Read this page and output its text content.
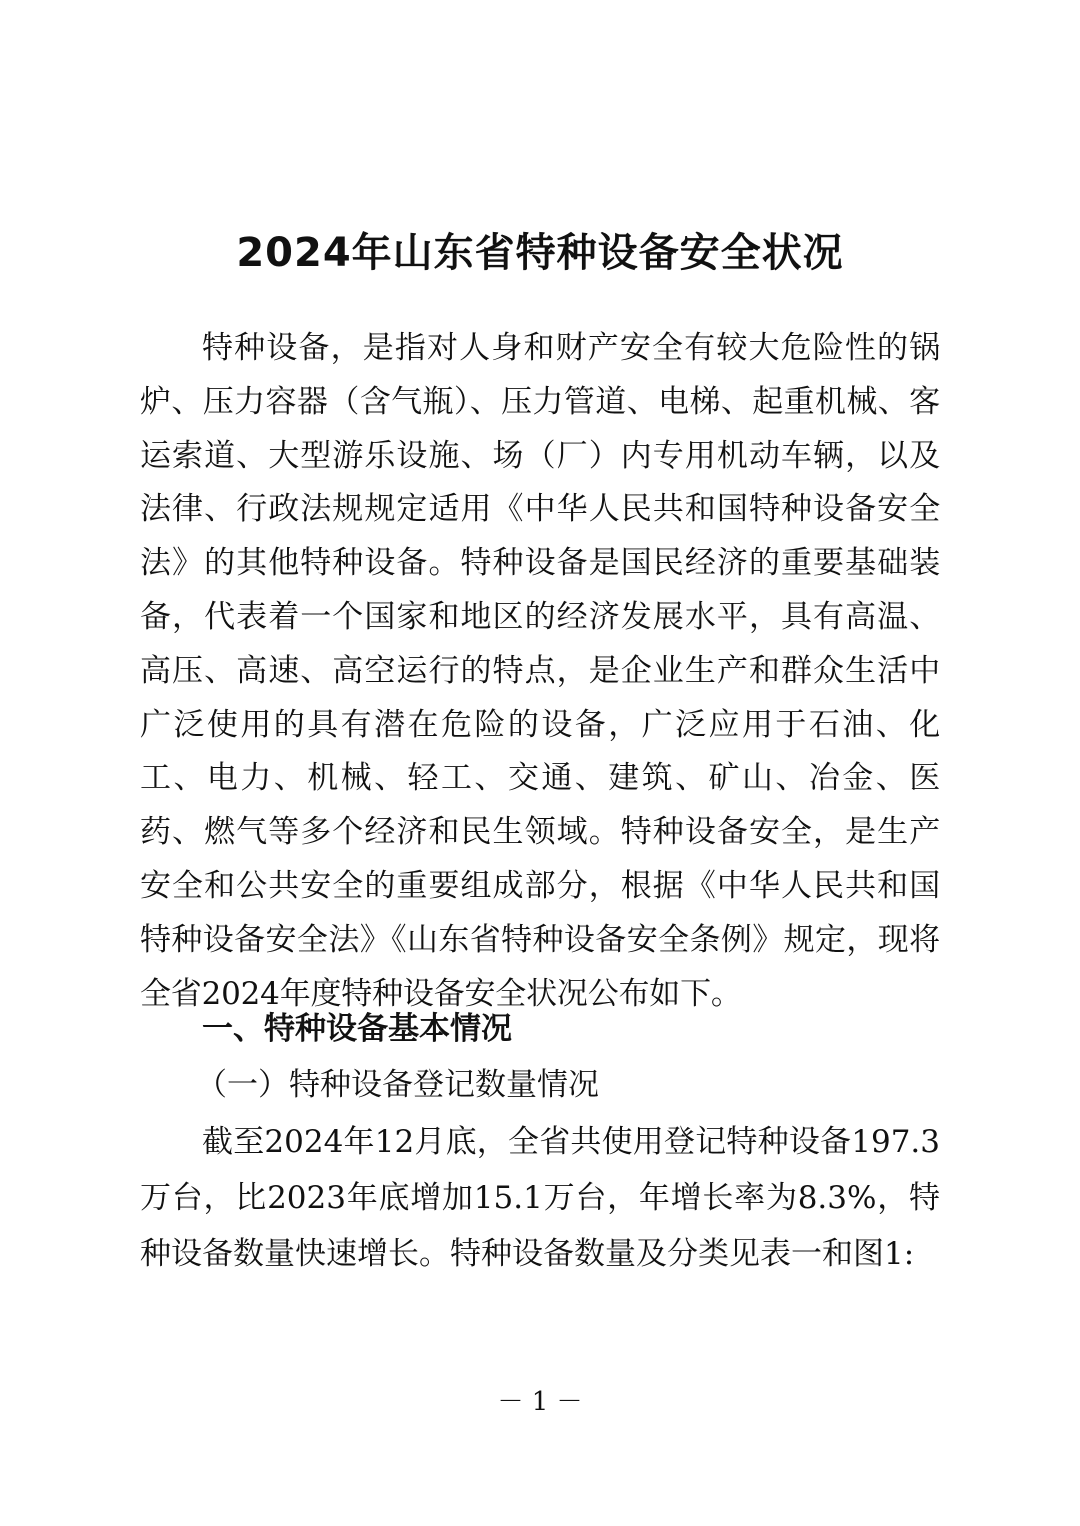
2024年山东省特种设备安全状况

特种设备，是指对人身和财产安全有较大危险性的锅炉、压力容器（含气瓶）、压力管道、电梯、起重机械、客运索道、大型游乐设施、场（厂）内专用机动车辆，以及法律、行政法规规定适用《中华人民共和国特种设备安全法》的其他特种设备。特种设备是国民经济的重要基础装备，代表着一个国家和地区的经济发展水平，具有高温、高压、高速、高空运行的特点，是企业生产和群众生活中广泛使用的具有潜在危险的设备，广泛应用于石油、化工、电力、机械、轻工、交通、建筑、矿山、冶金、医药、燃气等多个经济和民生领域。特种设备安全，是生产安全和公共安全的重要组成部分，根据《中华人民共和国特种设备安全法》《山东省特种设备安全条例》规定，现将全省2024年度特种设备安全状况公布如下。

一、特种设备基本情况
（一）特种设备登记数量情况

截至2024年12月底，全省共使用登记特种设备197.3万台，比2023年底增加15.1万台，年增长率为8.3%，特种设备数量快速增长。特种设备数量及分类见表一和图1:

－ 1 －
